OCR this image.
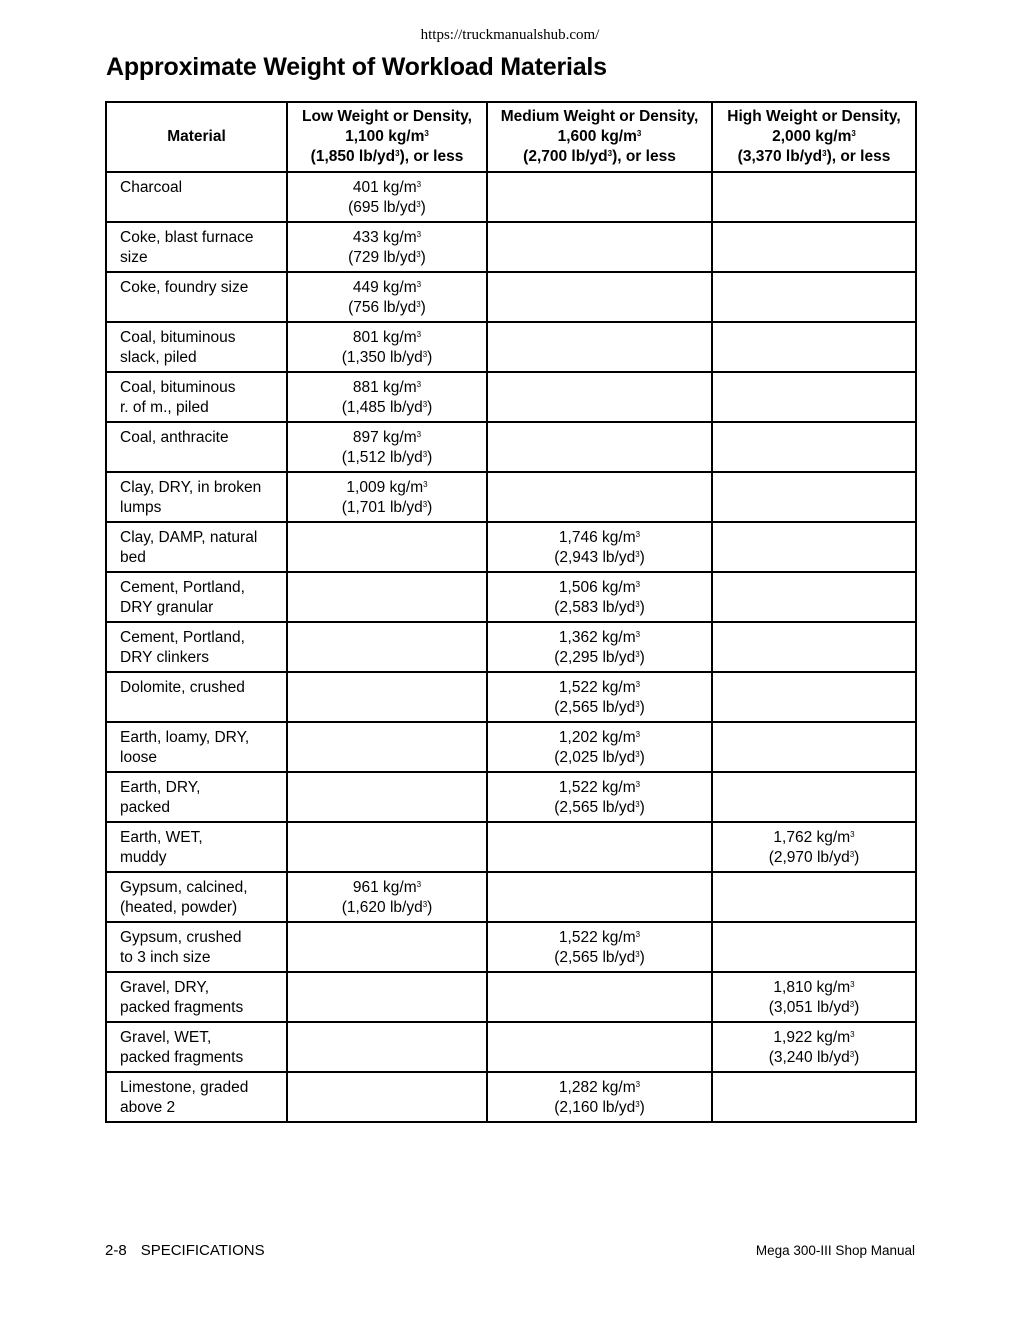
https://truckmanualshub.com/
Approximate Weight of Workload Materials
Material	Low Weight or Density,
1,100 $kg/m^3$
(1,850 $lb/yd^3$), or less	Medium Weight or Density,
1,600 $kg/m^3$
(2,700 $lb/yd^3$), or less	High Weight or Density,
2,000 $kg/m^3$
(3,370 $lb/yd^3$), or less

Charcoal	401 $kg/m^3$
(695 $lb/yd^3$)		

Coke, blast furnace
size	433 $kg/m^3$
(729 $lb/yd^3$)		

Coke, foundry size	449 $kg/m^3$
(756 $lb/yd^3$)		

Coal, bituminous
slack, piled	801 $kg/m^3$
(1,350 $lb/yd^3$)		

Coal, bituminous
r. of m., piled	881 $kg/m^3$
(1,485 $lb/yd^3$)		

Coal, anthracite	897 $kg/m^3$
(1,512 $lb/yd^3$)		

Clay, DRY, in broken
lumps	1,009 $kg/m^3$
(1,701 $lb/yd^3$)		

Clay, DAMP, natural
bed		1,746 $kg/m^3$
(2,943 $lb/yd^3$)	

Cement, Portland,
DRY granular		1,506 $kg/m^3$
(2,583 $lb/yd^3$)	

Cement, Portland,
DRY clinkers		1,362 $kg/m^3$
(2,295 $lb/yd^3$)	

Dolomite, crushed		1,522 $kg/m^3$
(2,565 $lb/yd^3$)	

Earth, loamy, DRY,
loose		1,202 $kg/m^3$
(2,025 $lb/yd^3$)	

Earth, DRY,
packed		1,522 $kg/m^3$
(2,565 $lb/yd^3$)	

Earth, WET,
muddy			1,762 $kg/m^3$
(2,970 $lb/yd^3$)

Gypsum, calcined,
(heated, powder)	961 $kg/m^3$
(1,620 $lb/yd^3$)		

Gypsum, crushed
to 3 inch size		1,522 $kg/m^3$
(2,565 $lb/yd^3$)	

Gravel, DRY,
packed fragments			1,810 $kg/m^3$
(3,051 $lb/yd^3$)

Gravel, WET,
packed fragments			1,922 $kg/m^3$
(3,240 $lb/yd^3$)

Limestone, graded
above 2		1,282 $kg/m^3$
(2,160 $lb/yd^3$)	

2-8 SPECIFICATIONS	Mega 300-III Shop Manual
